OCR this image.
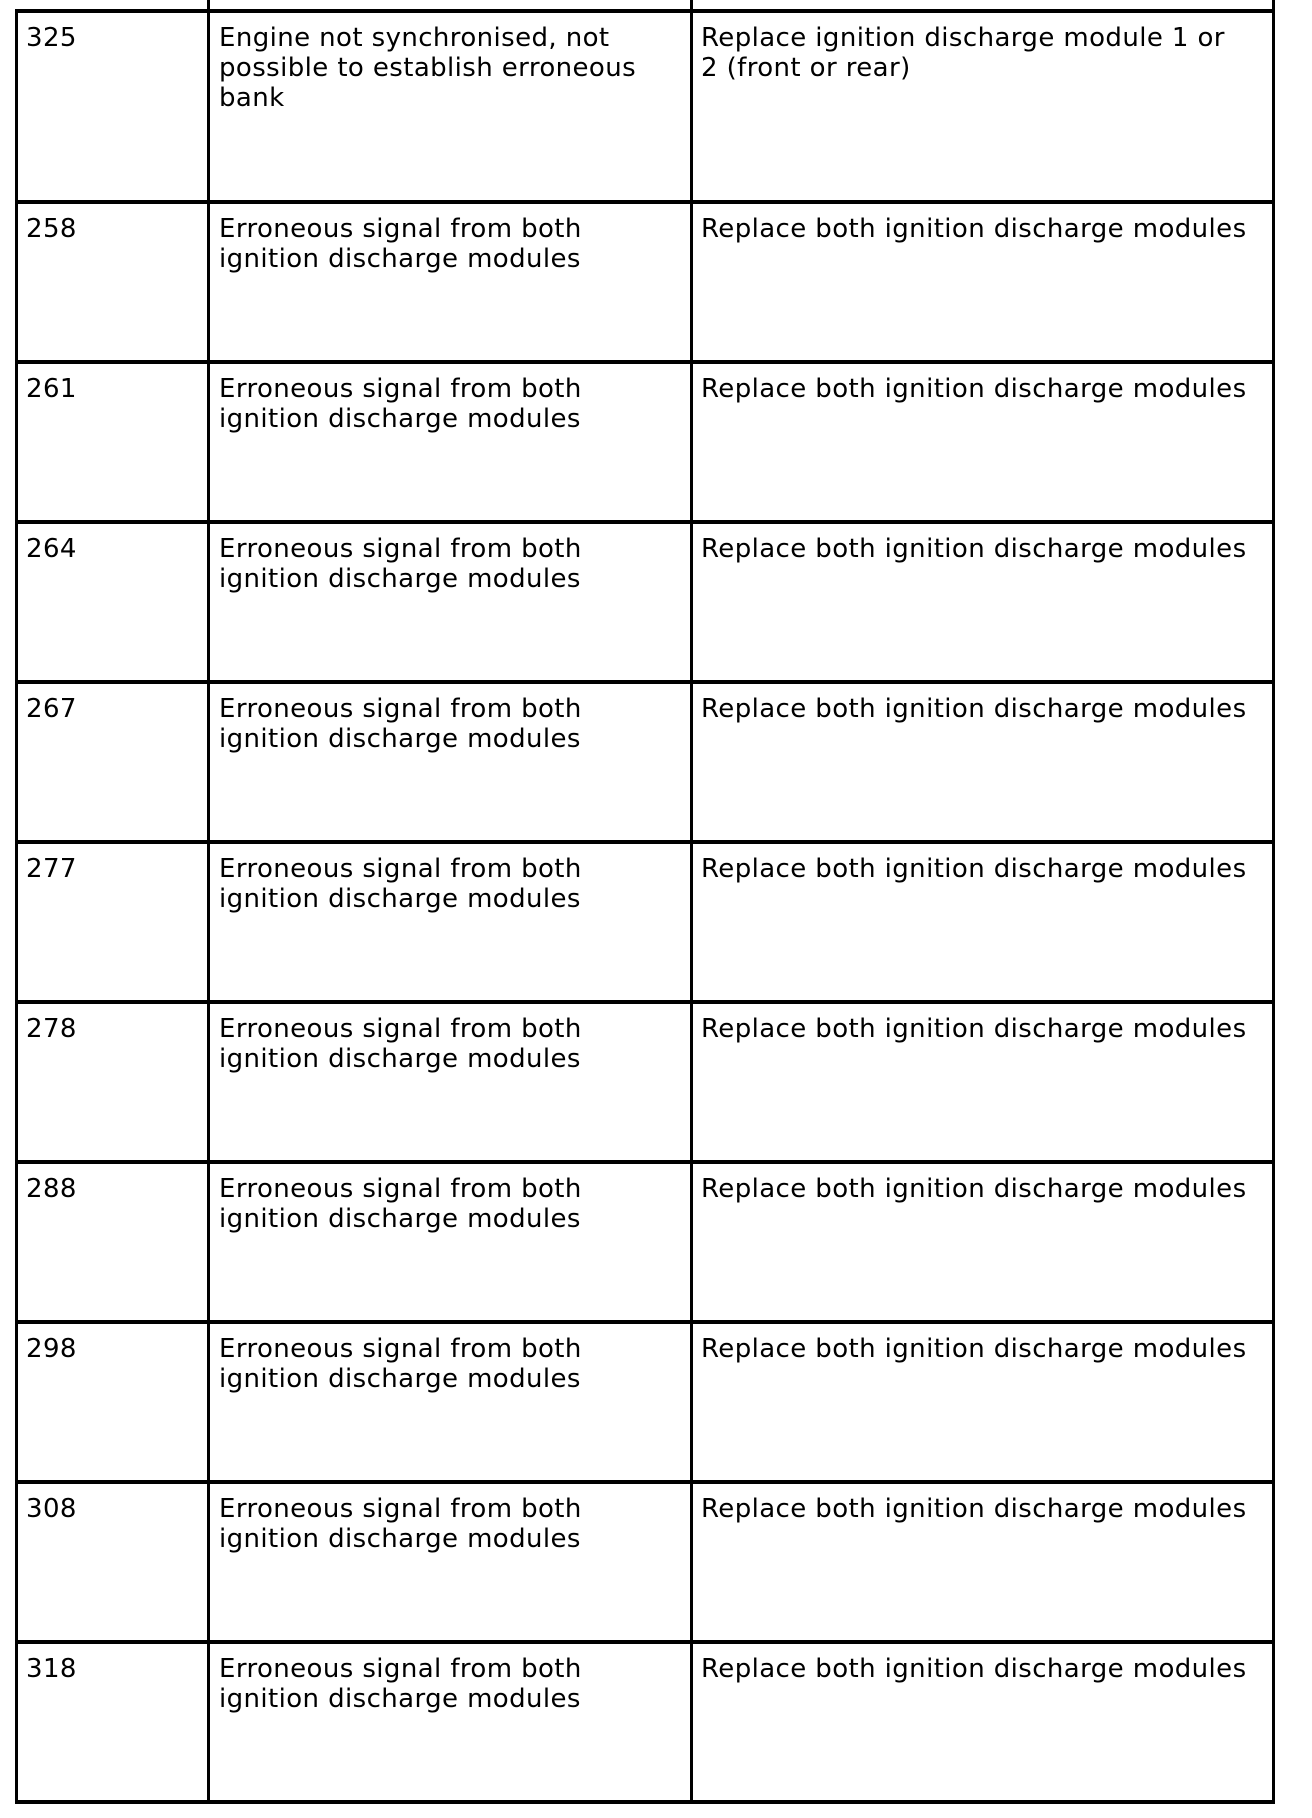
325	Engine not synchronised, not
possible to establish erroneous
bank

Replace ignition discharge module 1 or
2 (front or rear)

258	Erroneous signal from both
ignition discharge modules	Replace both ignition discharge modules

261	Erroneous signal from both
ignition discharge modules	Replace both ignition discharge modules

264	Erroneous signal from both
ignition discharge modules	Replace both ignition discharge modules

267	Erroneous signal from both
ignition discharge modules	Replace both ignition discharge modules

277	Erroneous signal from both
ignition discharge modules	Replace both ignition discharge modules

278	Erroneous signal from both
ignition discharge modules	Replace both ignition discharge modules

288	Erroneous signal from both
ignition discharge modules	Replace both ignition discharge modules

298	Erroneous signal from both
ignition discharge modules	Replace both ignition discharge modules

308	Erroneous signal from both
ignition discharge modules	Replace both ignition discharge modules

318	Erroneous signal from both
ignition discharge modules	Replace both ignition discharge modules
